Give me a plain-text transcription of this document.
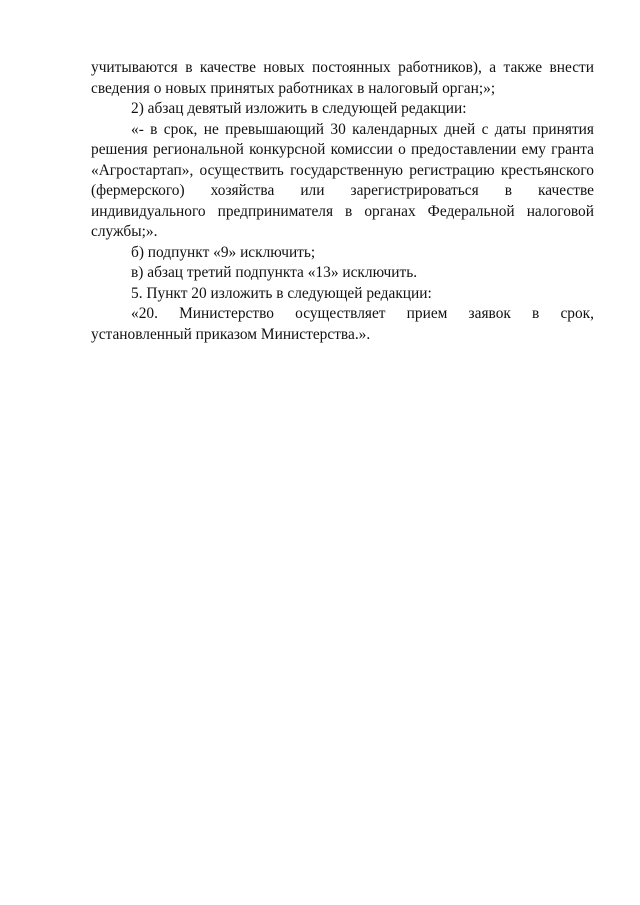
учитываются в качестве новых постоянных работников), а также внести сведения о новых принятых работниках в налоговый орган;»;

2) абзац девятый изложить в следующей редакции:

«- в срок, не превышающий 30 календарных дней с даты принятия решения региональной конкурсной комиссии о предоставлении ему гранта «Агростартап», осуществить государственную регистрацию крестьянского (фермерского) хозяйства или зарегистрироваться в качестве индивидуального предпринимателя в органах Федеральной налоговой службы;».

б) подпункт «9» исключить;

в) абзац третий подпункта «13» исключить.

5. Пункт 20 изложить в следующей редакции:

«20. Министерство осуществляет прием заявок в срок, установленный приказом Министерства.».
